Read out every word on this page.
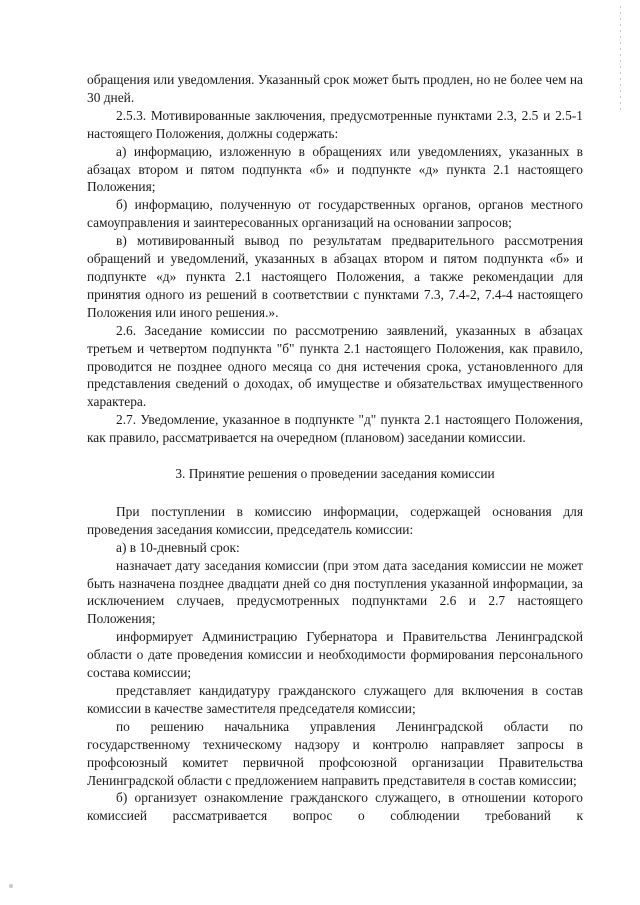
обращения или уведомления. Указанный срок может быть продлен, но не более чем на 30 дней.

2.5.3. Мотивированные заключения, предусмотренные пунктами 2.3, 2.5 и 2.5-1 настоящего Положения, должны содержать:

а) информацию, изложенную в обращениях или уведомлениях, указанных в абзацах втором и пятом подпункта «б» и подпункте «д» пункта 2.1 настоящего Положения;

б) информацию, полученную от государственных органов, органов местного самоуправления и заинтересованных организаций на основании запросов;

в) мотивированный вывод по результатам предварительного рассмотрения обращений и уведомлений, указанных в абзацах втором и пятом подпункта «б» и подпункте «д» пункта 2.1 настоящего Положения, а также рекомендации для принятия одного из решений в соответствии с пунктами 7.3, 7.4-2, 7.4-4 настоящего Положения или иного решения.».

2.6. Заседание комиссии по рассмотрению заявлений, указанных в абзацах третьем и четвертом подпункта "б" пункта 2.1 настоящего Положения, как правило, проводится не позднее одного месяца со дня истечения срока, установленного для представления сведений о доходах, об имуществе и обязательствах имущественного характера.

2.7. Уведомление, указанное в подпункте "д" пункта 2.1 настоящего Положения, как правило, рассматривается на очередном (плановом) заседании комиссии.

3. Принятие решения о проведении заседания комиссии

При поступлении в комиссию информации, содержащей основания для проведения заседания комиссии, председатель комиссии:

а) в 10-дневный срок:

назначает дату заседания комиссии (при этом дата заседания комиссии не может быть назначена позднее двадцати дней со дня поступления указанной информации, за исключением случаев, предусмотренных подпунктами 2.6 и 2.7 настоящего Положения;

информирует Администрацию Губернатора и Правительства Ленинградской области о дате проведения комиссии и необходимости формирования персонального состава комиссии;

представляет кандидатуру гражданского служащего для включения в состав комиссии в качестве заместителя председателя комиссии;

по решению начальника управления Ленинградской области по государственному техническому надзору и контролю направляет запросы в профсоюзный комитет первичной профсоюзной организации Правительства Ленинградской области с предложением направить представителя в состав комиссии;

б) организует ознакомление гражданского служащего, в отношении которого комиссией рассматривается вопрос о соблюдении требований к
